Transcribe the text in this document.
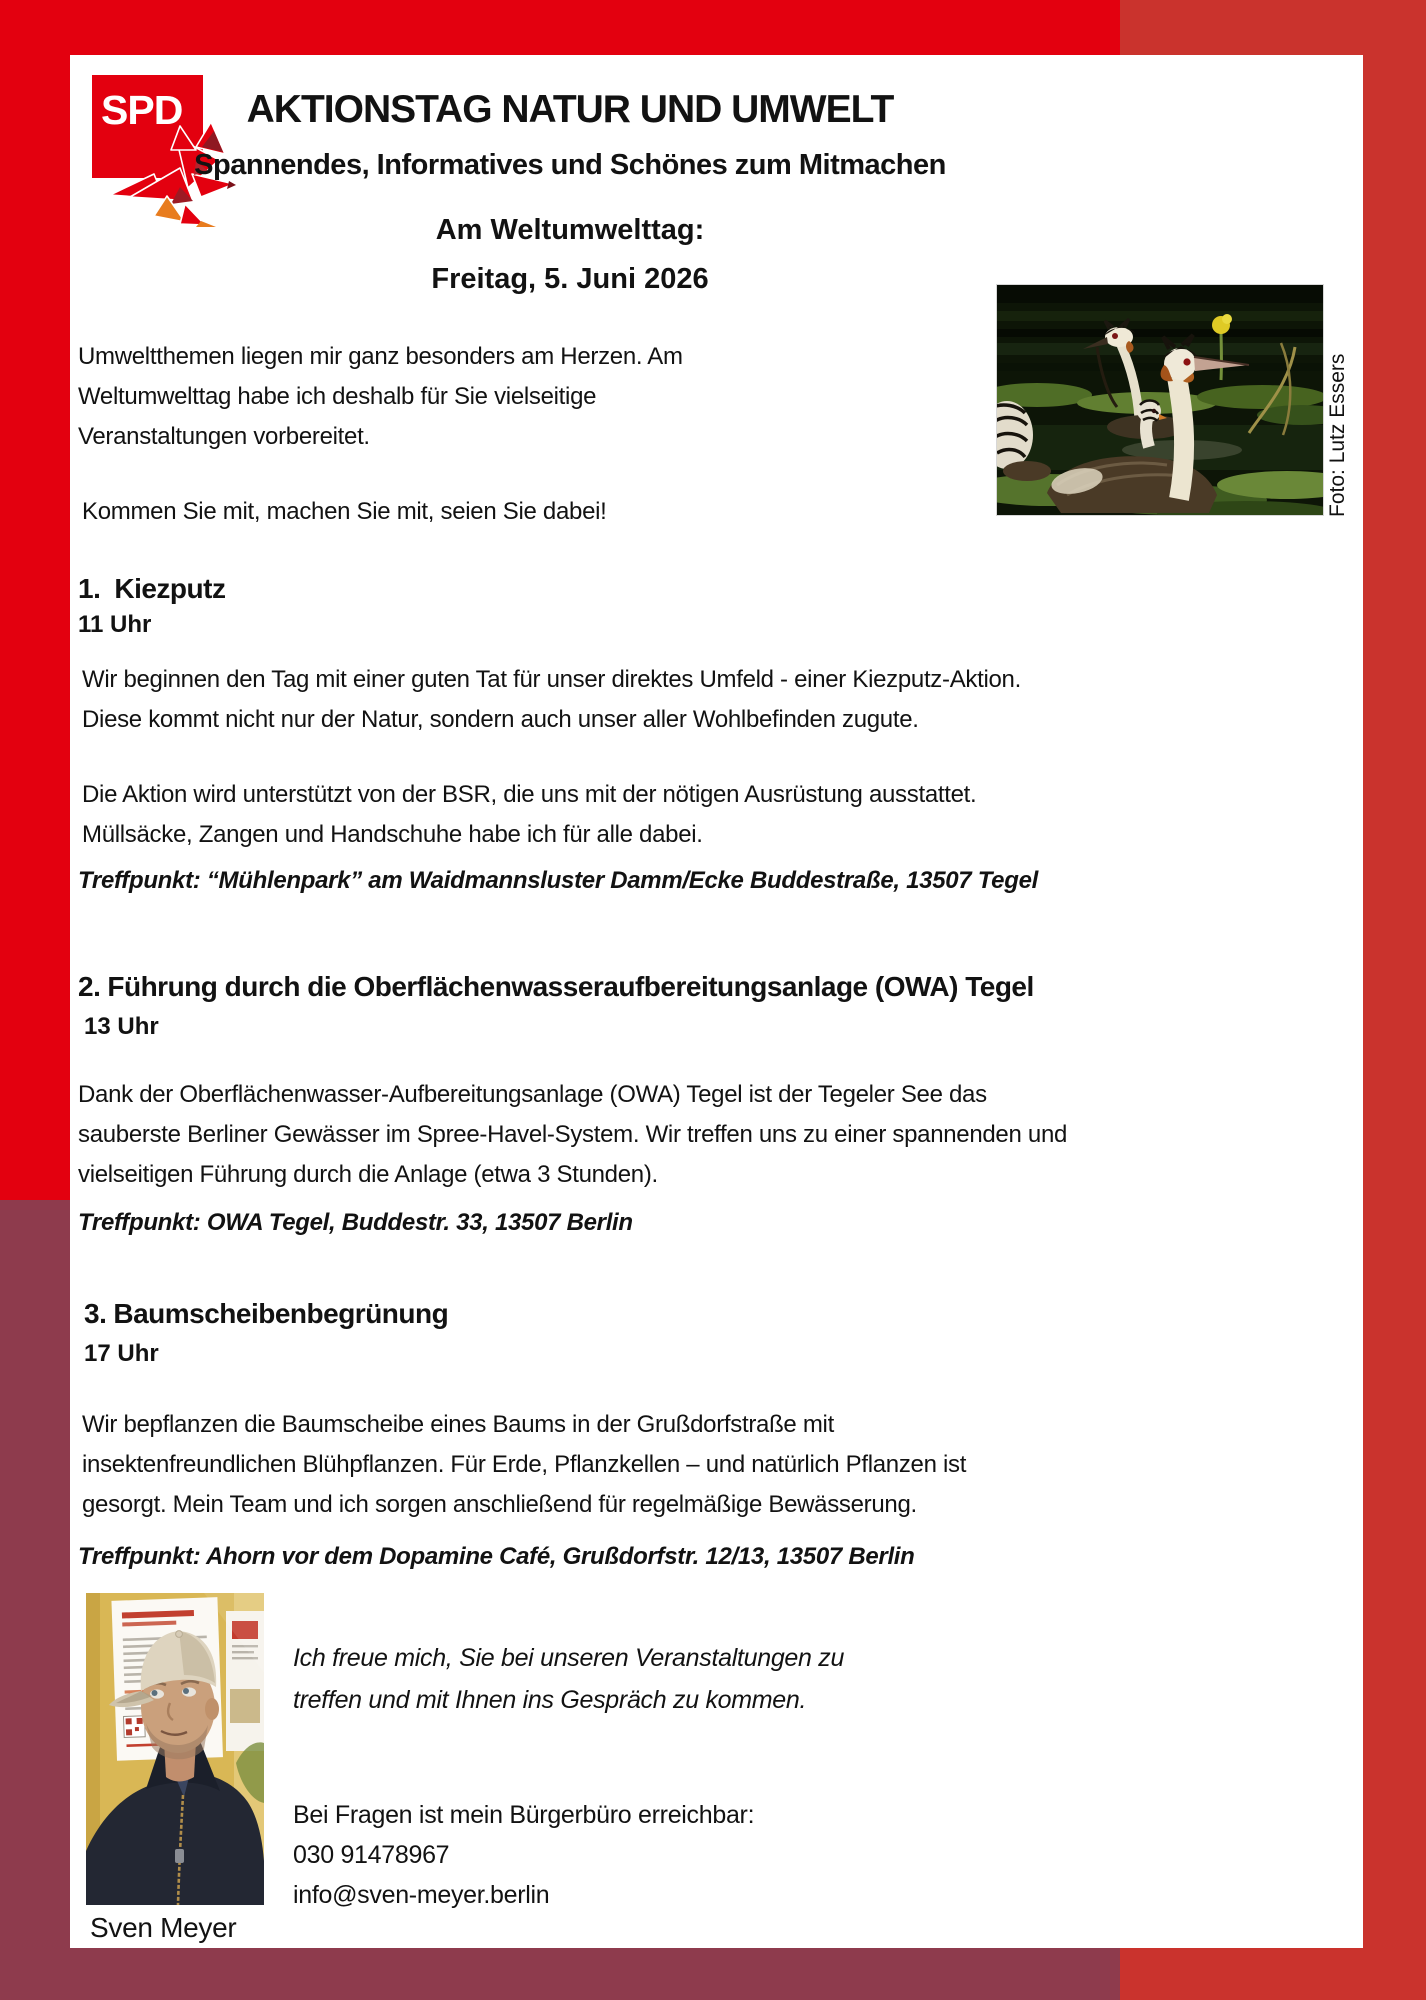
SPD	AKTIONSTAG NATUR UND UMWELT
Spannendes, Informatives und Schönes zum Mitmachen
Am Weltumwelttag:
Freitag, 5. Juni 2026
Umweltthemen liegen mir ganz besonders am Herzen. Am
Weltumwelttag habe ich deshalb für Sie vielseitige
Veranstaltungen vorbereitet.
Kommen Sie mit, machen Sie mit, seien Sie dabei!	Foto: Lutz Essers
1. Kiezputz
11 Uhr
Wir beginnen den Tag mit einer guten Tat für unser direktes Umfeld - einer Kiezputz-Aktion.
Diese kommt nicht nur der Natur, sondern auch unser aller Wohlbefinden zugute.
Die Aktion wird unterstützt von der BSR, die uns mit der nötigen Ausrüstung ausstattet.
Müllsäcke, Zangen und Handschuhe habe ich für alle dabei.
Treffpunkt: “Mühlenpark” am Waidmannsluster Damm/Ecke Buddestraße, 13507 Tegel
2. Führung durch die Oberflächenwasseraufbereitungsanlage (OWA) Tegel
13 Uhr
Dank der Oberflächenwasser-Aufbereitungsanlage (OWA) Tegel ist der Tegeler See das
sauberste Berliner Gewässer im Spree-Havel-System. Wir treffen uns zu einer spannenden und
vielseitigen Führung durch die Anlage (etwa 3 Stunden).
Treffpunkt: OWA Tegel, Buddestr. 33, 13507 Berlin
3. Baumscheibenbegrünung
17 Uhr
Wir bepflanzen die Baumscheibe eines Baums in der Grußdorfstraße mit
insektenfreundlichen Blühpflanzen. Für Erde, Pflanzkellen – und natürlich Pflanzen ist
gesorgt. Mein Team und ich sorgen anschließend für regelmäßige Bewässerung.
Treffpunkt: Ahorn vor dem Dopamine Café, Grußdorfstr. 12/13, 13507 Berlin
Ich freue mich, Sie bei unseren Veranstaltungen zu
treffen und mit Ihnen ins Gespräch zu kommen.
Bei Fragen ist mein Bürgerbüro erreichbar:
030 91478967
info@sven-meyer.berlin
Sven Meyer
